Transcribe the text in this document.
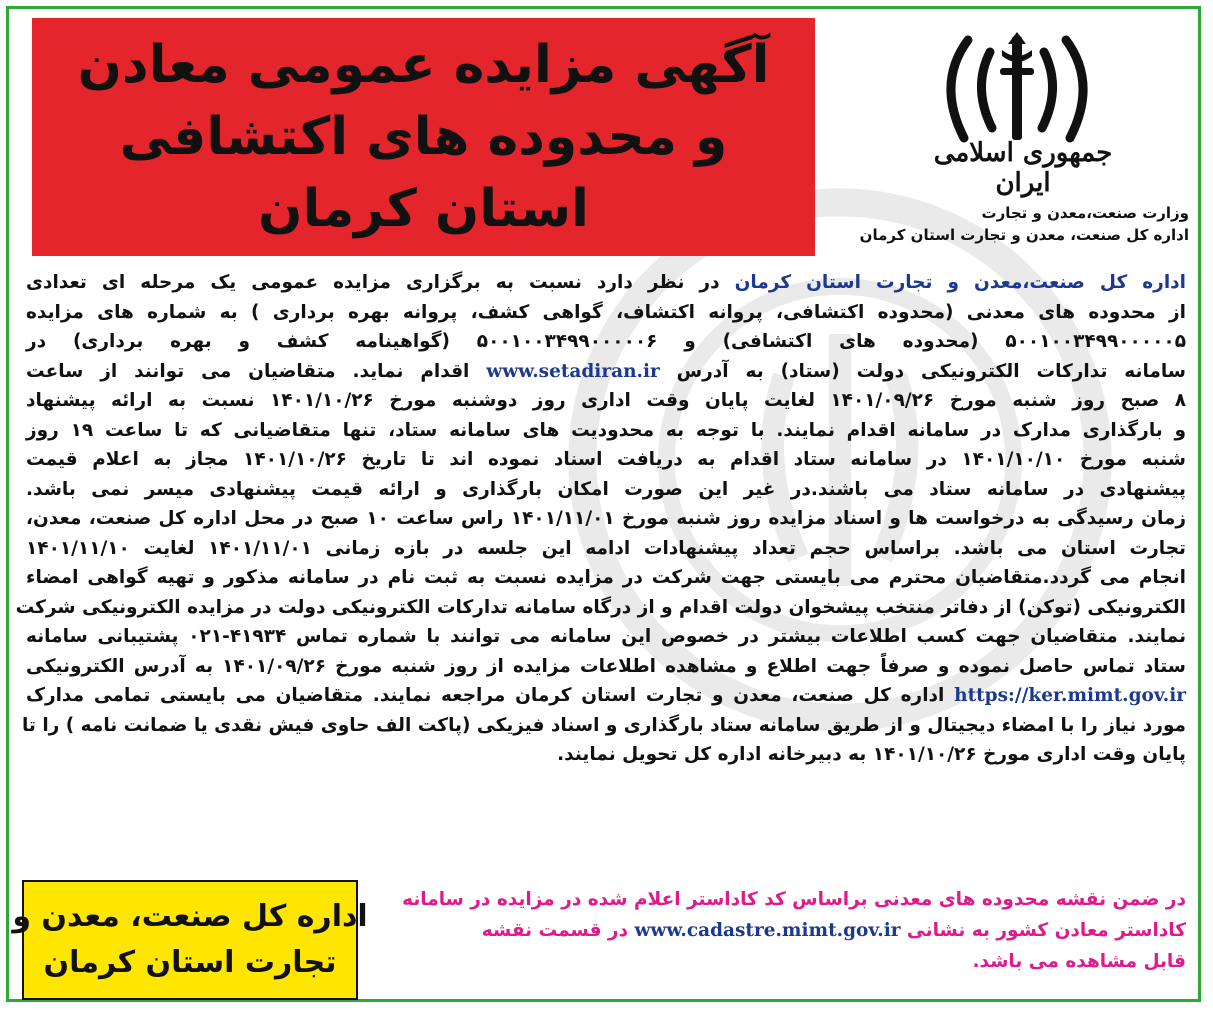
آگهی مزایده عمومی معادن
و محدوده های اکتشافی
استان کرمان
جمهوری اسلامی ایران
وزارت صنعت،معدن و تجارت
اداره کل صنعت، معدن و تجارت استان کرمان
اداره کل صنعت،معدن و تجارت استان کرمان در نظر دارد نسبت به برگزاری مزایده عمومی یک مرحله ای تعدادی
از محدوده های معدنی (محدوده اکتشافی، پروانه اکتشاف، گواهی کشف، پروانه بهره برداری ) به شماره های مزایده
۵۰۰۱۰۰۳۴۹۹۰۰۰۰۰۵ (محدوده های اکتشافی) و ۵۰۰۱۰۰۳۴۹۹۰۰۰۰۰۶ (گواهینامه کشف و بهره برداری) در
سامانه تدارکات الکترونیکی دولت (ستاد) به آدرس www.setadiran.ir اقدام نماید. متقاضیان می توانند از ساعت
۸ صبح روز شنبه مورخ ۱۴۰۱/۰۹/۲۶ لغایت پایان وقت اداری روز دوشنبه مورخ ۱۴۰۱/۱۰/۲۶ نسبت به ارائه پیشنهاد
و بارگذاری مدارک در سامانه اقدام نمایند. با توجه به محدودیت های سامانه ستاد، تنها متقاضیانی که تا ساعت ۱۹ روز
شنبه مورخ ۱۴۰۱/۱۰/۱۰ در سامانه ستاد اقدام به دریافت اسناد نموده اند تا تاریخ ۱۴۰۱/۱۰/۲۶ مجاز به اعلام قیمت
پیشنهادی در سامانه ستاد می باشند.در غیر این صورت امکان بارگذاری و ارائه قیمت پیشنهادی میسر نمی باشد.
زمان رسیدگی به درخواست ها و اسناد مزایده روز شنبه مورخ ۱۴۰۱/۱۱/۰۱ راس ساعت ۱۰ صبح در محل اداره کل صنعت، معدن،
تجارت استان می باشد. براساس حجم تعداد پیشنهادات ادامه این جلسه در بازه زمانی ۱۴۰۱/۱۱/۰۱ لغایت ۱۴۰۱/۱۱/۱۰
انجام می گردد.متقاضیان محترم می بایستی جهت شرکت در مزایده نسبت به ثبت نام در سامانه مذکور و تهیه گواهی امضاء
الکترونیکی (توکن) از دفاتر منتخب پیشخوان دولت اقدام و از درگاه سامانه تدارکات الکترونیکی دولت در مزایده الکترونیکی شرکت
نمایند. متقاضیان جهت کسب اطلاعات بیشتر در خصوص این سامانه می توانند با شماره تماس ۴۱۹۳۴-۰۲۱ پشتیبانی سامانه
ستاد تماس حاصل نموده و صرفاً جهت اطلاع و مشاهده اطلاعات مزایده از روز شنبه مورخ ۱۴۰۱/۰۹/۲۶ به آدرس الکترونیکی
https://ker.mimt.gov.ir اداره کل صنعت، معدن و تجارت استان کرمان مراجعه نمایند. متقاضیان می بایستی تمامی مدارک
مورد نیاز را با امضاء دیجیتال و از طریق سامانه ستاد بارگذاری و اسناد فیزیکی (پاکت الف حاوی فیش نقدی یا ضمانت نامه ) را تا
پایان وقت اداری مورخ ۱۴۰۱/۱۰/۲۶ به دبیرخانه اداره کل تحویل نمایند.
اداره کل صنعت، معدن و
تجارت استان کرمان
در ضمن نقشه محدوده های معدنی براساس کد کاداستر اعلام شده در مزایده در سامانه
کاداستر معادن کشور به نشانی www.cadastre.mimt.gov.ir در قسمت نقشه
قابل مشاهده می باشد.
